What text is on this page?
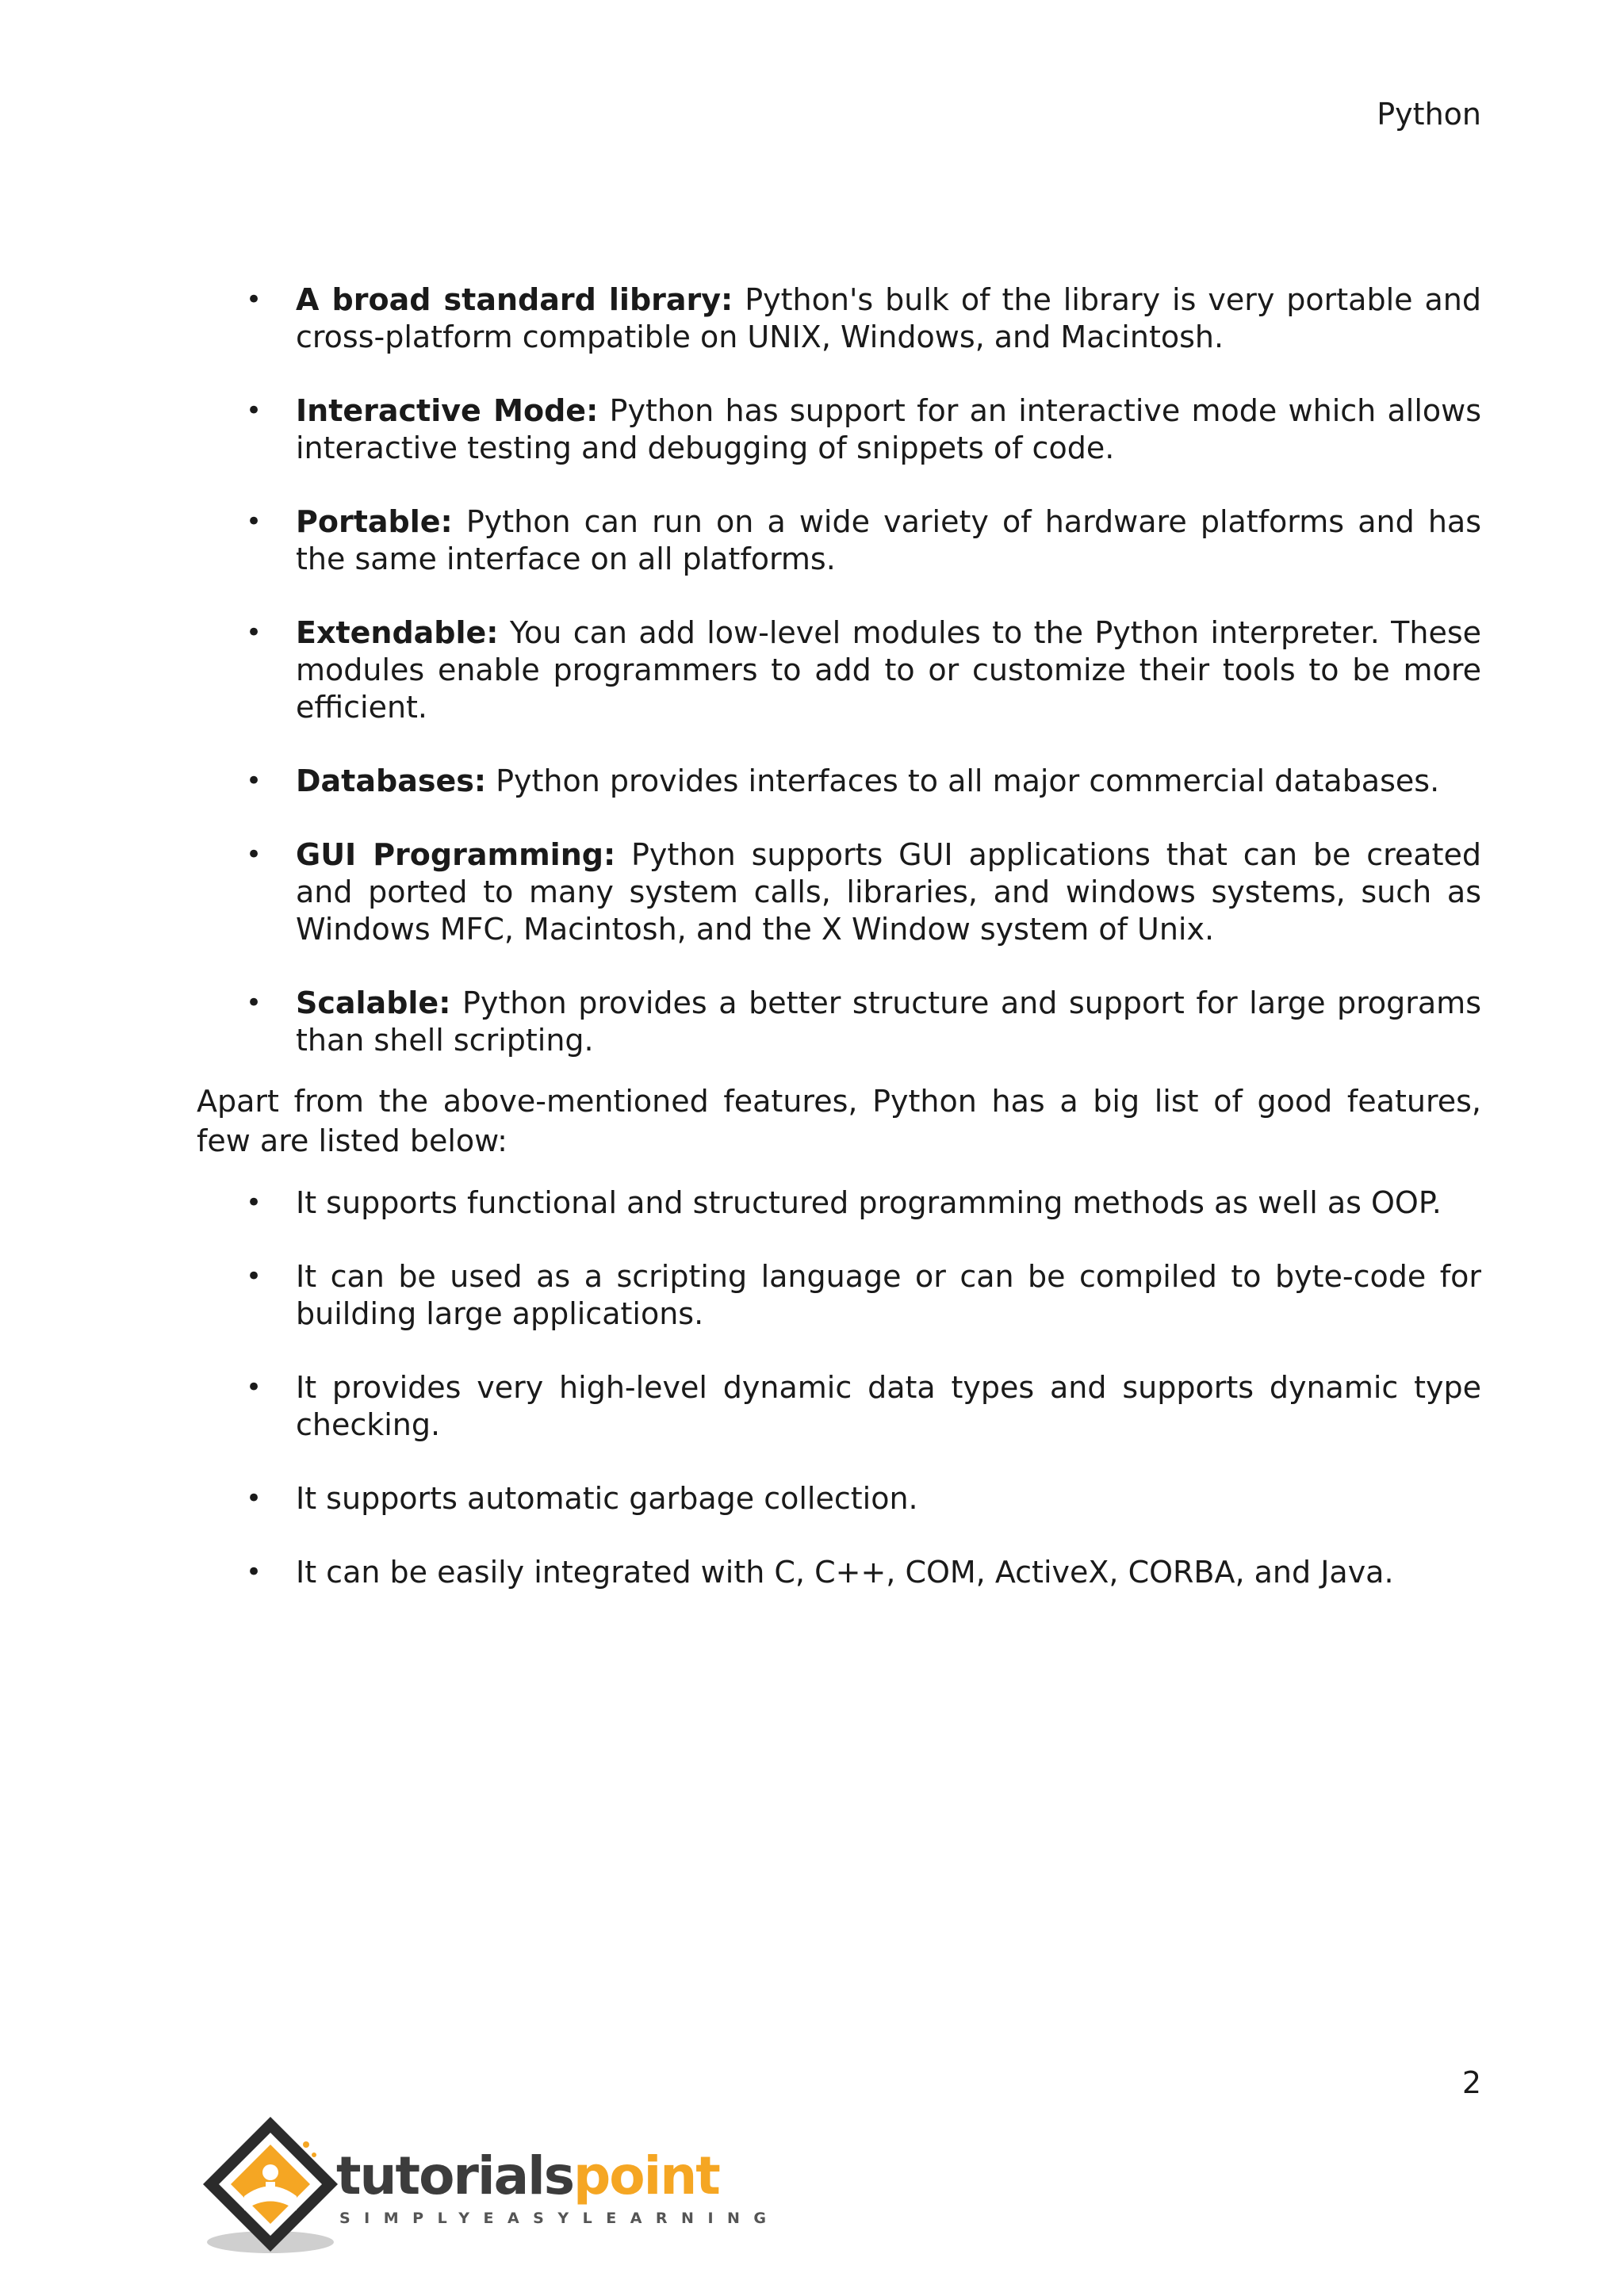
Python
• A broad standard library: Python's bulk of the library is very portable and cross-platform compatible on UNIX, Windows, and Macintosh.
• Interactive Mode: Python has support for an interactive mode which allows interactive testing and debugging of snippets of code.
• Portable: Python can run on a wide variety of hardware platforms and has the same interface on all platforms.
• Extendable: You can add low-level modules to the Python interpreter. These modules enable programmers to add to or customize their tools to be more efficient.
• Databases: Python provides interfaces to all major commercial databases.
• GUI Programming: Python supports GUI applications that can be created and ported to many system calls, libraries, and windows systems, such as Windows MFC, Macintosh, and the X Window system of Unix.
• Scalable: Python provides a better structure and support for large programs than shell scripting.

Apart from the above-mentioned features, Python has a big list of good features, few are listed below:

• It supports functional and structured programming methods as well as OOP.
• It can be used as a scripting language or can be compiled to byte-code for building large applications.
• It provides very high-level dynamic data types and supports dynamic type checking.
• It supports automatic garbage collection.
• It can be easily integrated with C, C++, COM, ActiveX, CORBA, and Java.
2
tutorialspoint
SIMPLYEASYLEARNING
